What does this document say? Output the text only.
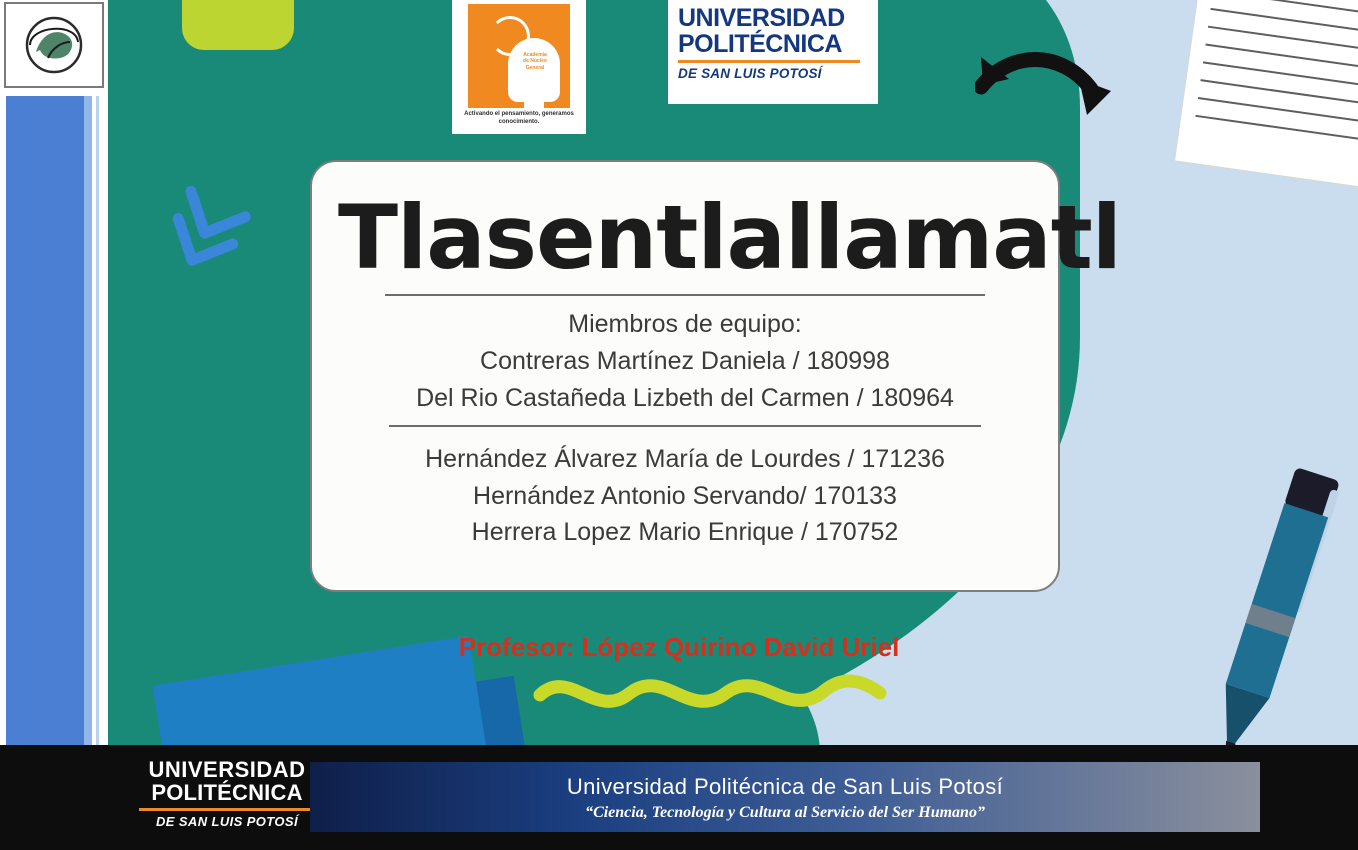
Academia de Núcleo General
Activando el pensamiento, generamos conocimiento.
UNIVERSIDAD
POLITÉCNICA
DE SAN LUIS POTOSÍ
Tlasentlallamatl
Miembros de equipo:
Contreras Martínez Daniela / 180998
Del Rio Castañeda Lizbeth del Carmen / 180964
Hernández Álvarez María de Lourdes / 171236
Hernández Antonio Servando/ 170133
Herrera Lopez Mario Enrique / 170752
Profesor: López Quirino David Uriel
UNIVERSIDAD
POLITÉCNICA
DE SAN LUIS POTOSÍ
Universidad Politécnica de San Luis Potosí
“Ciencia, Tecnología y Cultura al Servicio del Ser Humano”
